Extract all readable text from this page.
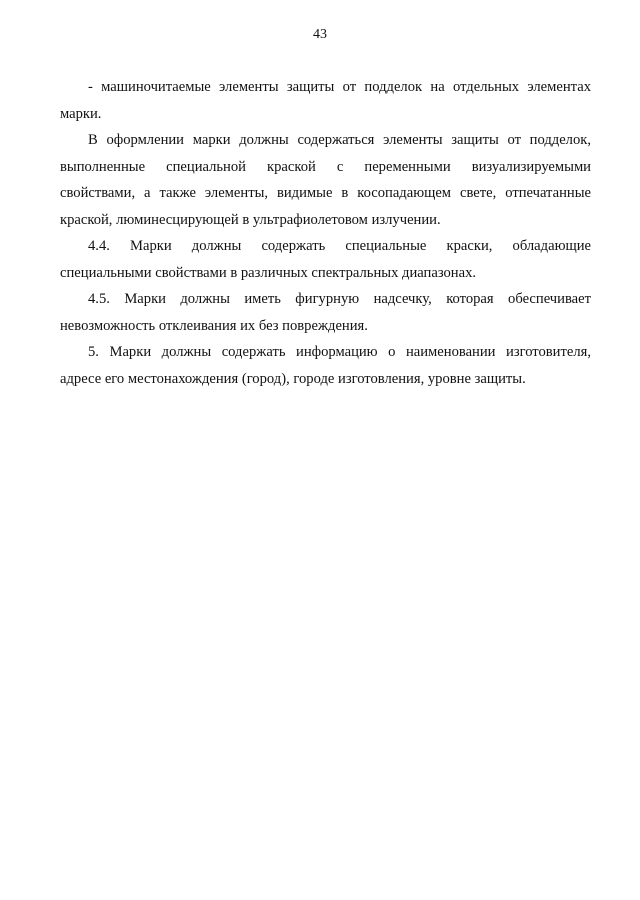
43

- машиночитаемые элементы защиты от подделок на отдельных элементах
марки.

В оформлении марки должны содержаться элементы защиты от подделок,
выполненные специальной краской с переменными визуализируемыми
свойствами, а также элементы, видимые в косопадающем свете, отпечатанные
краской, люминесцирующей в ультрафиолетовом излучении.

4.4. Марки должны содержать специальные краски, обладающие
специальными свойствами в различных спектральных диапазонах.

4.5. Марки должны иметь фигурную надсечку, которая обеспечивает
невозможность отклеивания их без повреждения.

5. Марки должны содержать информацию о наименовании изготовителя,
адресе его местонахождения (город), городе изготовления, уровне защиты.
